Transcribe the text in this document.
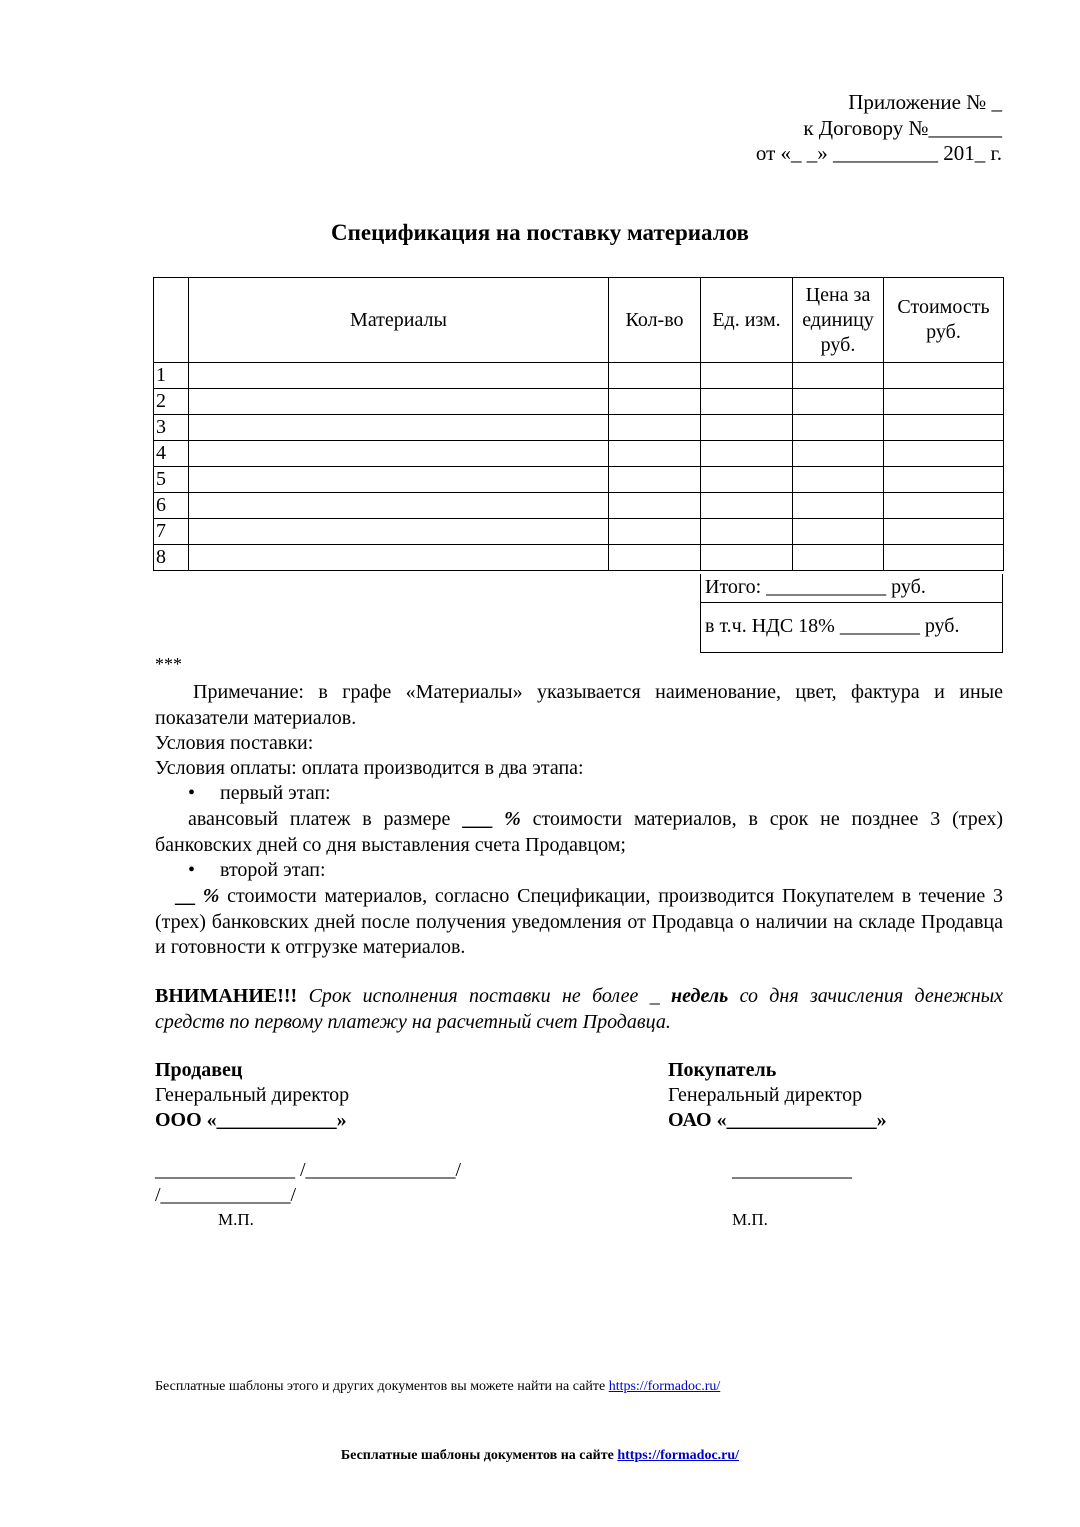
Приложение № _
к Договору №_______
от «_ _» __________ 201_ г.
Спецификация на поставку материалов
	Материалы	Кол-во	Ед. изм.	Цена за единицу руб.	Стоимость руб.
1					
2					
3					
4					
5					
6					
7					
8					
Итого: ____________ руб.
в т.ч. НДС 18% ________ руб.
***
Примечание: в графе «Материалы» указывается наименование, цвет, фактура и иные показатели материалов.
Условия поставки:
Условия оплаты: оплата производится в два этапа:
• первый этап:
авансовый платеж в размере ___ % стоимости материалов, в срок не позднее 3 (трех) банковских дней со дня выставления счета Продавцом;
• второй этап:
__ % стоимости материалов, согласно Спецификации, производится Покупателем в течение 3 (трех) банковских дней после получения уведомления от Продавца о наличии на складе Продавца и готовности к отгрузке материалов.
ВНИМАНИЕ!!! Срок исполнения поставки не более _ недель со дня зачисления денежных средств по первому платежу на расчетный счет Продавца.
Продавец
Генеральный директор
ООО «____________»
______________ /_______________/
/_____________/
М.П.
Покупатель
Генеральный директор
ОАО «_______________»
____________
М.П.
Бесплатные шаблоны этого и других документов вы можете найти на сайте https://formadoc.ru/
Бесплатные шаблоны документов на сайте https://formadoc.ru/
